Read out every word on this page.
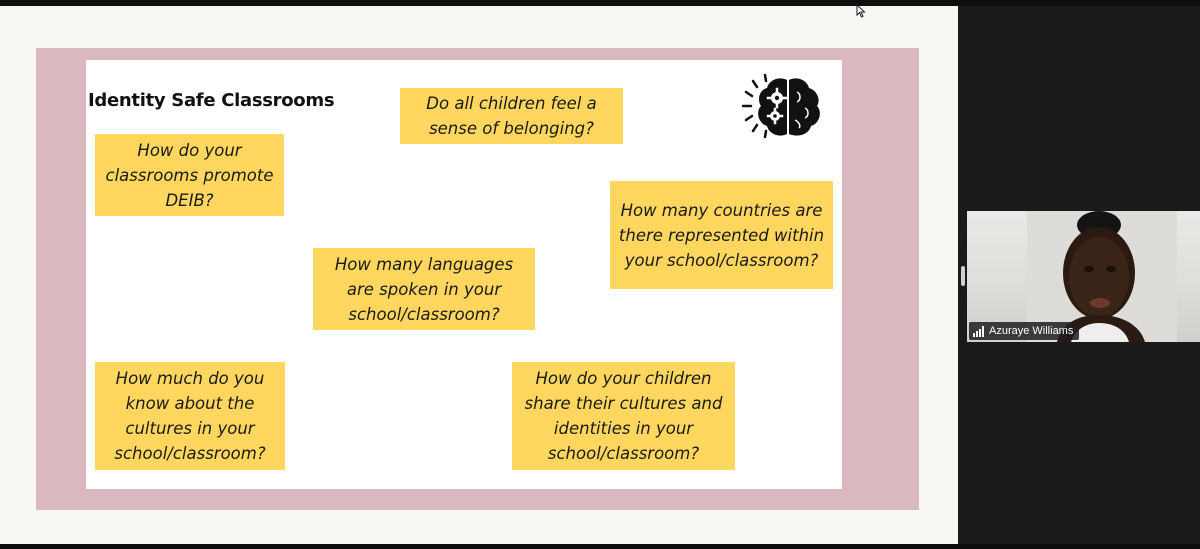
Identity Safe Classrooms	Do all children feel a sense of belonging?
How do your classrooms promote DEIB?
How many countries are there represented within your school/classroom?
How many languages are spoken in your school/classroom?
How much do you know about the cultures in your school/classroom?
How do your children share their cultures and identities in your school/classroom?
Azuraye Williams
